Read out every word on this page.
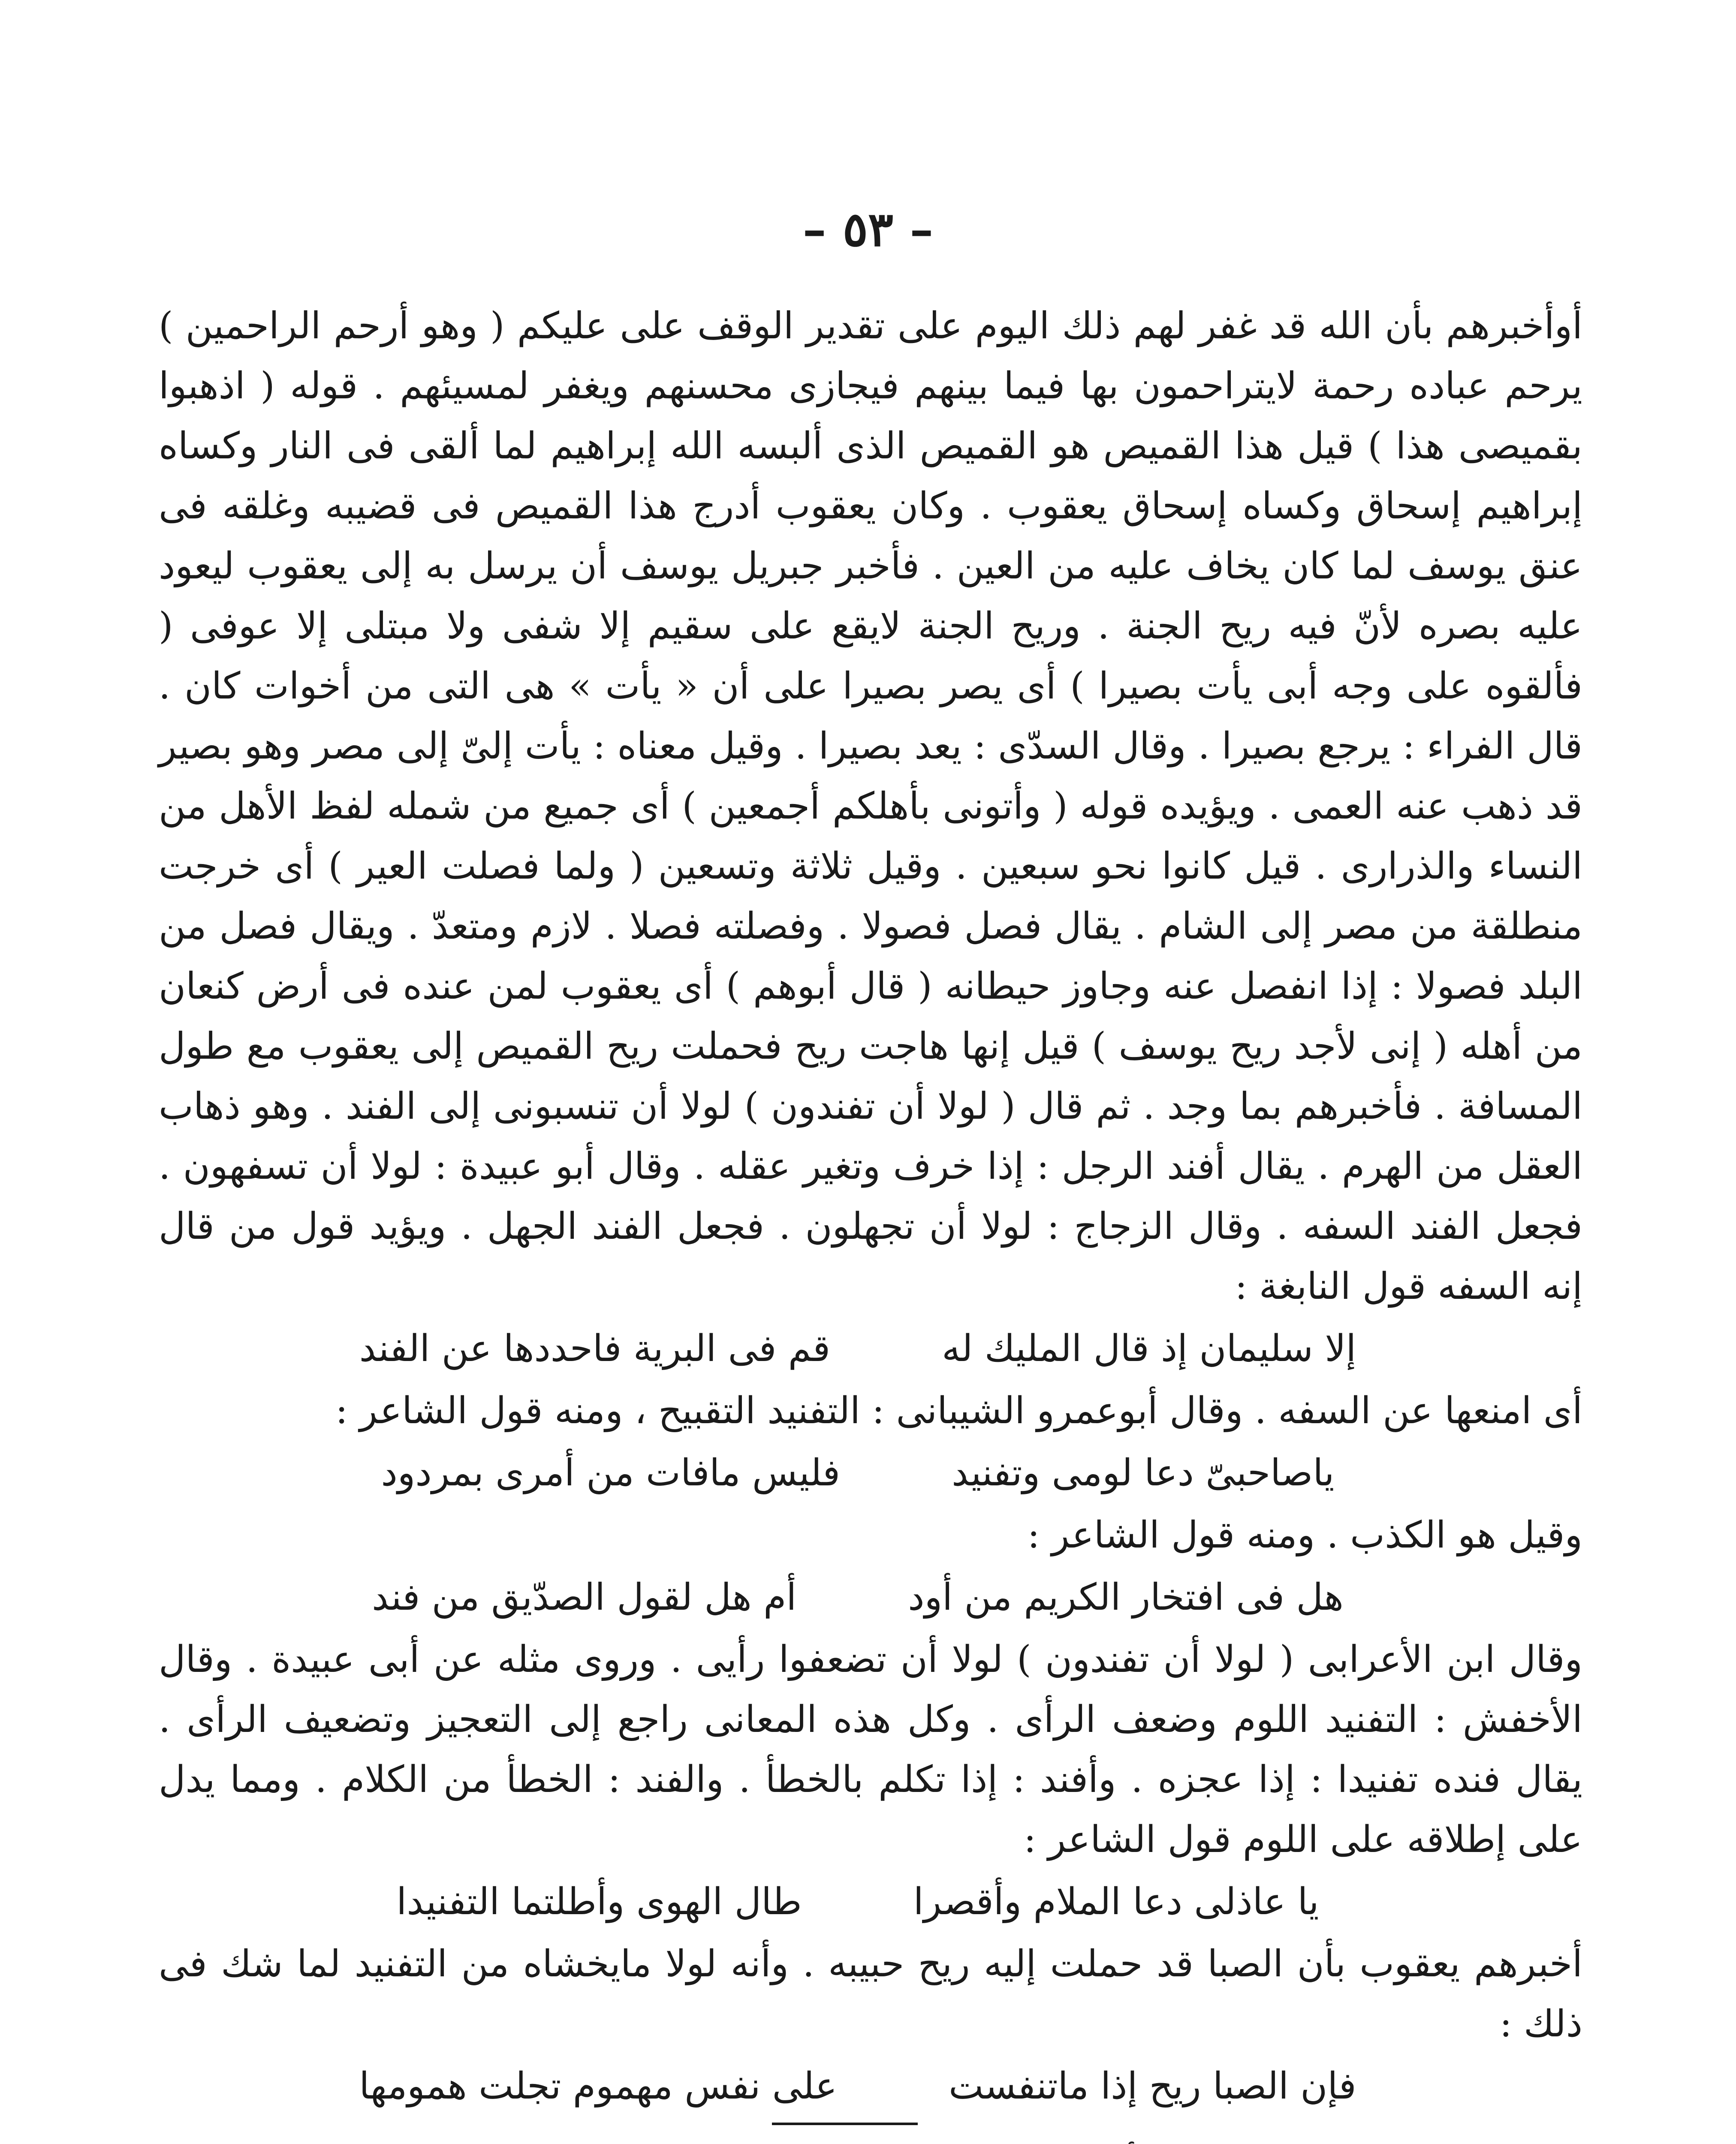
– ٥٣ –

أوأخبرهم بأن الله قد غفر لهم ذلك اليوم على تقدير الوقف على عليكم ( وهو أرحم الراحمين ) يرحم عباده رحمة لايتراحمون بها فيما بينهم فيجازى محسنهم ويغفر لمسيئهم . قوله ( اذهبوا بقميصى هذا ) قيل هذا القميص هو القميص الذى ألبسه الله إبراهيم لما ألقى فى النار وكساه إبراهيم إسحاق وكساه إسحاق يعقوب . وكان يعقوب أدرج هذا القميص فى قضيبه وغلقه فى عنق يوسف لما كان يخاف عليه من العين . فأخبر جبريل يوسف أن يرسل به إلى يعقوب ليعود عليه بصره لأنّ فيه ريح الجنة . وريح الجنة لايقع على سقيم إلا شفى ولا مبتلى إلا عوفى ( فألقوه على وجه أبى يأت بصيرا ) أى يصر بصيرا على أن « يأت » هى التى من أخوات كان . قال الفراء : يرجع بصيرا . وقال السدّى : يعد بصيرا . وقيل معناه : يأت إلىّ إلى مصر وهو بصير قد ذهب عنه العمى . ويؤيده قوله ( وأتونى بأهلكم أجمعين ) أى جميع من شمله لفظ الأهل من النساء والذرارى . قيل كانوا نحو سبعين . وقيل ثلاثة وتسعين ( ولما فصلت العير ) أى خرجت منطلقة من مصر إلى الشام . يقال فصل فصولا . وفصلته فصلا . لازم ومتعدّ . ويقال فصل من البلد فصولا : إذا انفصل عنه وجاوز حيطانه ( قال أبوهم ) أى يعقوب لمن عنده فى أرض كنعان من أهله ( إنى لأجد ريح يوسف ) قيل إنها هاجت ريح فحملت ريح القميص إلى يعقوب مع طول المسافة . فأخبرهم بما وجد . ثم قال ( لولا أن تفندون ) لولا أن تنسبونى إلى الفند . وهو ذهاب العقل من الهرم . يقال أفند الرجل : إذا خرف وتغير عقله . وقال أبو عبيدة : لولا أن تسفهون . فجعل الفند السفه . وقال الزجاج : لولا أن تجهلون . فجعل الفند الجهل . ويؤيد قول من قال إنه السفه قول النابغة :

إلا سليمان إذ قال المليك له
قم فى البرية فاحددها عن الفند

أى امنعها عن السفه . وقال أبوعمرو الشيبانى : التفنيد التقبيح ، ومنه قول الشاعر :

ياصاحبىّ دعا لومى وتفنيد
فليس مافات من أمرى بمردود

وقيل هو الكذب . ومنه قول الشاعر :

هل فى افتخار الكريم من أود
أم هل لقول الصدّيق من فند

وقال ابن الأعرابى ( لولا أن تفندون ) لولا أن تضعفوا رأيى . وروى مثله عن أبى عبيدة . وقال الأخفش : التفنيد اللوم وضعف الرأى . وكل هذه المعانى راجع إلى التعجيز وتضعيف الرأى . يقال فنده تفنيدا : إذا عجزه . وأفند : إذا تكلم بالخطأ . والفند : الخطأ من الكلام . ومما يدل على إطلاقه على اللوم قول الشاعر :

يا عاذلى دعا الملام وأقصرا
طال الهوى وأطلتما التفنيدا

أخبرهم يعقوب بأن الصبا قد حملت إليه ريح حبيبه . وأنه لولا مايخشاه من التفنيد لما شك فى ذلك :

فإن الصبا ريح إذا ماتنفست
على نفس مهموم تجلت همومها
